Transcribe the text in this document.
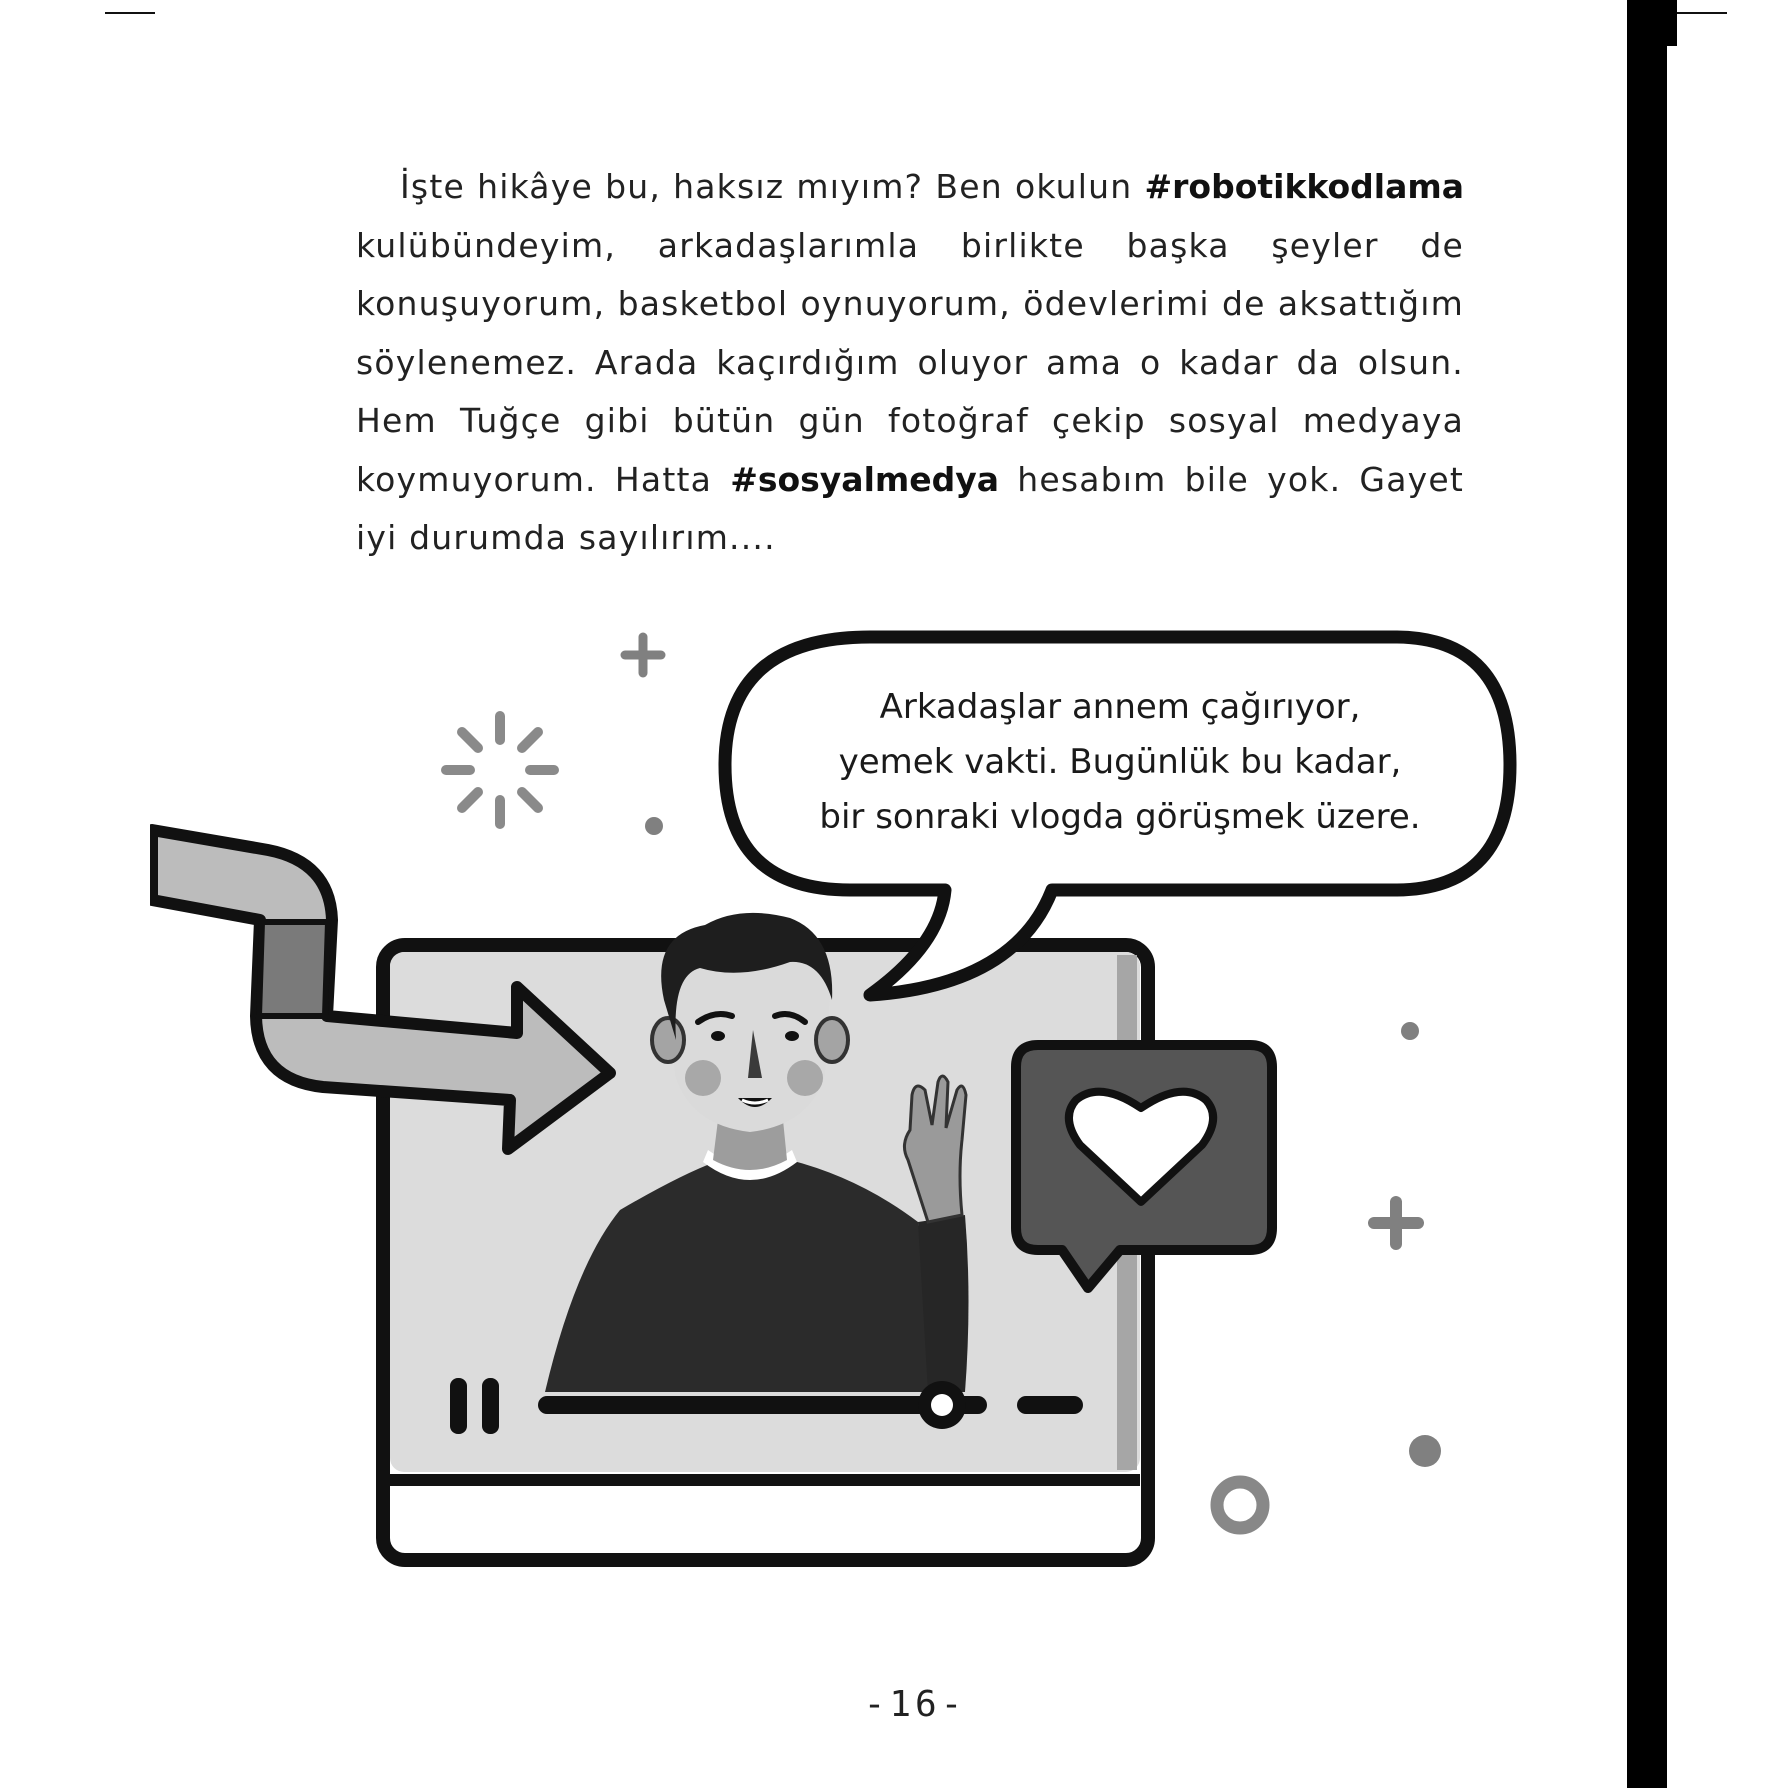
İşte hikâye bu, haksız mıyım? Ben okulun #robotikkodlama kulübündeyim, arkadaşlarımla birlikte başka şeyler de konuşuyorum, basketbol oynuyorum, ödevlerimi de aksattığım söylenemez. Arada kaçırdığım oluyor ama o kadar da olsun. Hem Tuğçe gibi bütün gün fotoğraf çekip sosyal medyaya koymuyorum. Hatta #sosyalmedya hesabım bile yok. Gayet iyi durumda sayılırım....

Arkadaşlar annem çağırıyor,
yemek vakti. Bugünlük bu kadar,
bir sonraki vlogda görüşmek üzere.
-16-
